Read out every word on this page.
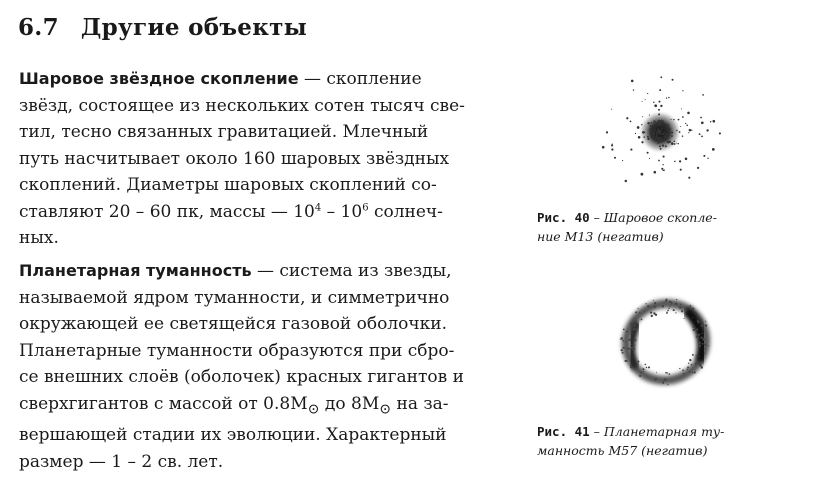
6.7 Другие объекты
Шаровое звёздное скопление — скопление
звёзд, состоящее из нескольких сотен тысяч све-
тил, тесно связанных гравитацией. Млечный
путь насчитывает около 160 шаровых звёздных
скоплений. Диаметры шаровых скоплений со-
ставляют 20 – 60 пк, массы — $10^4 - 10^6$ солнеч-
ных.
Планетарная туманность — система из звезды,
называемой ядром туманности, и симметрично
окружающей ее светящейся газовой оболочки.
Планетарные туманности образуются при сбро-
се внешних слоёв (оболочек) красных гигантов и
сверхгигантов с массой от $0.8M_⊙$ до $8M_⊙$ на за-
вершающей стадии их эволюции. Характерный
размер — 1 – 2 св. лет.
Рис. 40 – Шаровое скопле-
ние M13 (негатив)
Рис. 41 – Планетарная ту-
манность M57 (негатив)
